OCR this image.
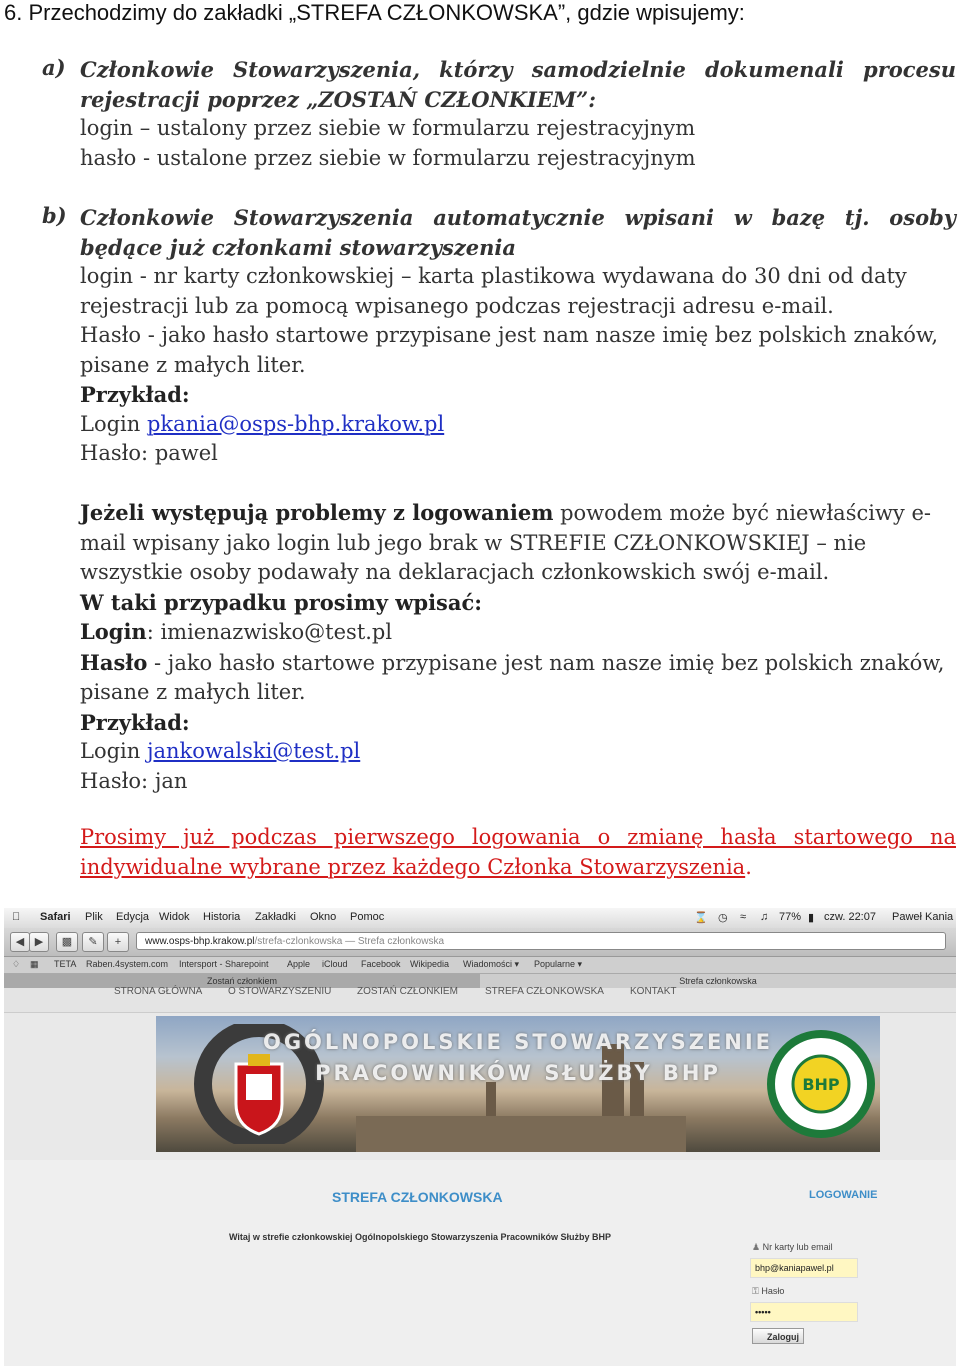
6. Przechodzimy do zakładki „STREFA CZŁONKOWSKA”, gdzie wpisujemy:
a) Członkowie Stowarzyszenia, którzy samodzielnie dokumenali procesu rejestracji poprzez „ZOSTAŃ CZŁONKIEM”:
login – ustalony przez siebie w formularzu rejestracyjnym
hasło - ustalone przez siebie w formularzu rejestracyjnym
b) Członkowie Stowarzyszenia automatycznie wpisani w bazę tj. osoby będące już członkami stowarzyszenia
login - nr karty członkowskiej – karta plastikowa wydawana do 30 dni od daty rejestracji lub za pomocą wpisanego podczas rejestracji adresu e-mail.
Hasło - jako hasło startowe przypisane jest nam nasze imię bez polskich znaków, pisane z małych liter.
Przykład:
Login pkania@osps-bhp.krakow.pl
Hasło: pawel
Jeżeli występują problemy z logowaniem powodem może być niewłaściwy e-mail wpisany jako login lub jego brak w STREFIE CZŁONKOWSKIEJ – nie wszystkie osoby podawały na deklaracjach członkowskich swój e-mail.
W taki przypadku prosimy wpisać:
Login: imienazwisko@test.pl
Hasło - jako hasło startowe przypisane jest nam nasze imię bez polskich znaków, pisane z małych liter.
Przykład:
Login jankowalski@test.pl
Hasło: jan
Prosimy już podczas pierwszego logowania o zmianę hasła startowego na indywidualne wybrane przez każdego Członka Stowarzyszenia.
Safari Plik Edycja Widok Historia Zakładki Okno Pomoc	⌛ ◷ ≈ ♫ 77% ▮ czw. 22:07 Paweł Kania
◀ ▶	▩	✎	+	www.osps-bhp.krakow.pl/strefa-czlonkowska — Strefa członkowska
♢ ▦ TETA Raben.4system.com Intersport - Sharepoint Apple iCloud Facebook Wikipedia Wiadomości ▾ Popularne ▾
Zostań członkiem	Strefa członkowska
STRONA GŁÓWNA	O STOWARZYSZENIU	ZOSTAŃ CZŁONKIEM	STREFA CZŁONKOWSKA	KONTAKT
OGÓLNOPOLSKIE STOWARZYSZENIE
PRACOWNIKÓW SŁUŻBY BHP	BHP
STREFA CZŁONKOWSKA
Witaj w strefie członkowskiej Ogólnopolskiego Stowarzyszenia Pracowników Służby BHP
LOGOWANIE
♟ Nr karty lub email
bhp@kaniapawel.pl
⚿ Hasło
•••••
Zaloguj
